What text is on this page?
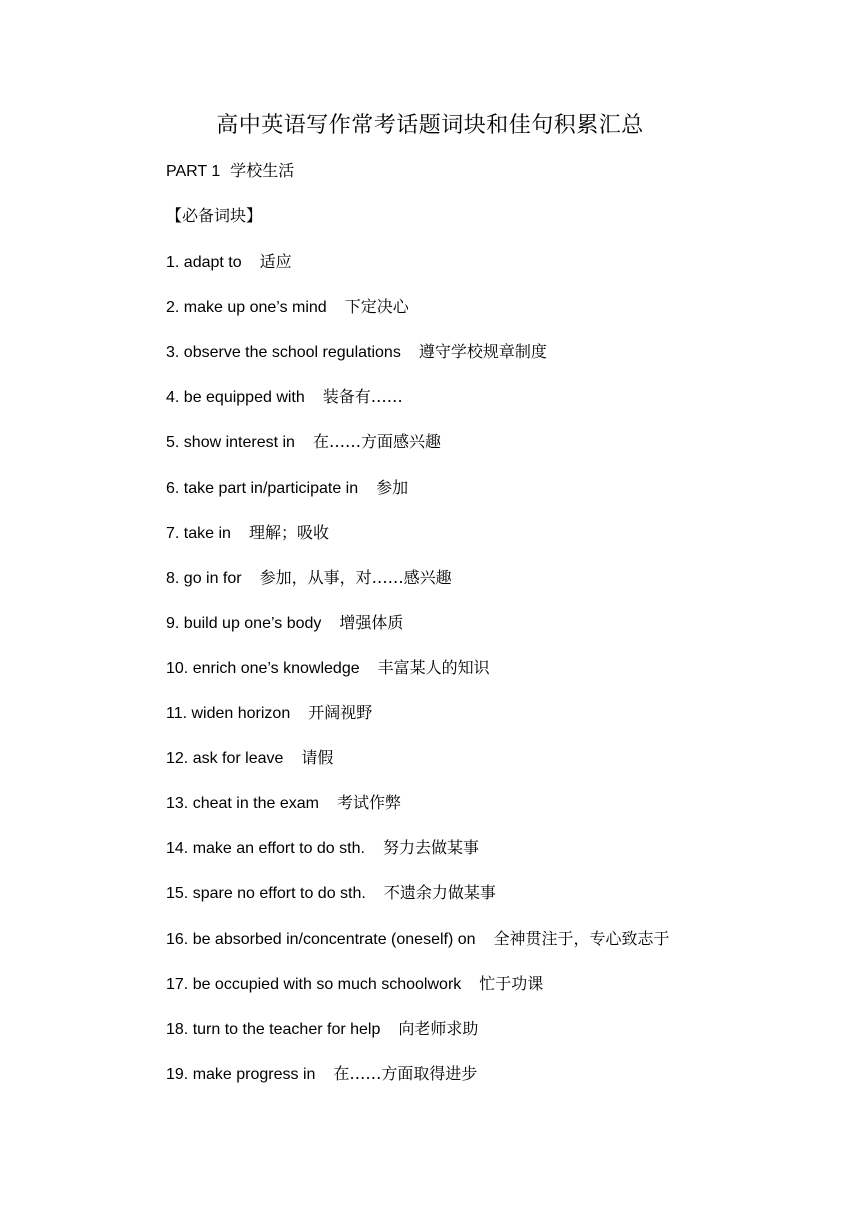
高中英语写作常考话题词块和佳句积累汇总
PART 1 学校生活
【必备词块】
1. adapt to 适应
2. make up one’s mind 下定决心
3. observe the school regulations 遵守学校规章制度
4. be equipped with 装备有……
5. show interest in 在……方面感兴趣
6. take part in/participate in 参加
7. take in 理解；吸收
8. go in for 参加，从事，对……感兴趣
9. build up one’s body 增强体质
10. enrich one’s knowledge 丰富某人的知识
11. widen horizon 开阔视野
12. ask for leave 请假
13. cheat in the exam 考试作弊
14. make an effort to do sth. 努力去做某事
15. spare no effort to do sth. 不遗余力做某事
16. be absorbed in/concentrate (oneself) on 全神贯注于，专心致志于
17. be occupied with so much schoolwork 忙于功课
18. turn to the teacher for help 向老师求助
19. make progress in 在……方面取得进步
